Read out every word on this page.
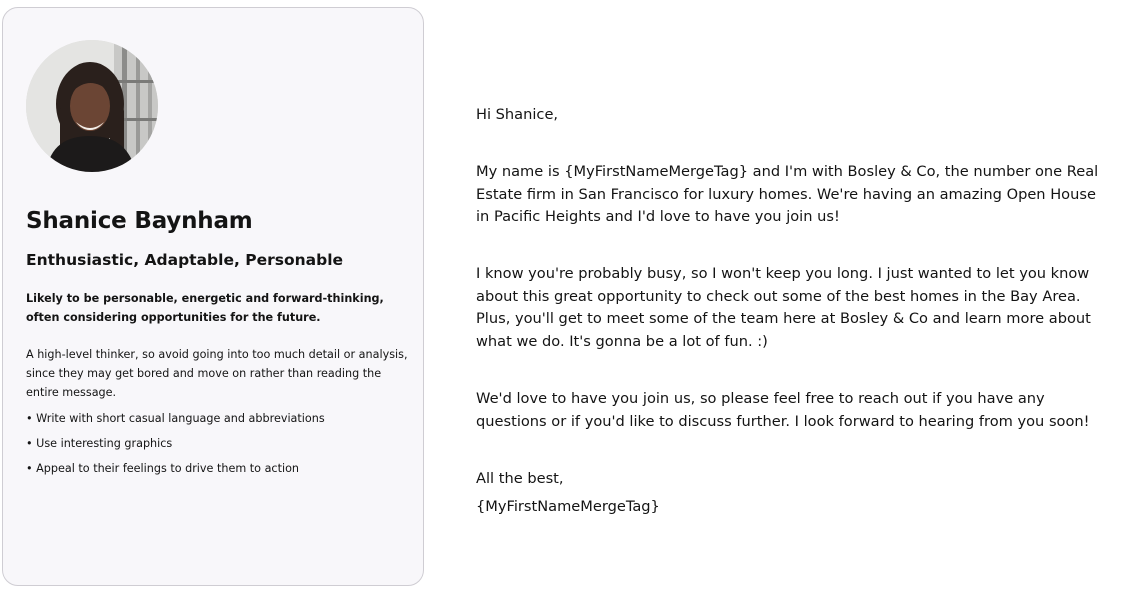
Shanice Baynham
Enthusiastic, Adaptable, Personable

Likely to be personable, energetic and forward-thinking, often considering opportunities for the future.

A high-level thinker, so avoid going into too much detail or analysis, since they may get bored and move on rather than reading the entire message.

• Write with short casual language and abbreviations
• Use interesting graphics
• Appeal to their feelings to drive them to action

Hi Shanice,

My name is {MyFirstNameMergeTag} and I'm with Bosley & Co, the number one Real Estate firm in San Francisco for luxury homes. We're having an amazing Open House in Pacific Heights and I'd love to have you join us!

I know you're probably busy, so I won't keep you long. I just wanted to let you know about this great opportunity to check out some of the best homes in the Bay Area. Plus, you'll get to meet some of the team here at Bosley & Co and learn more about what we do. It's gonna be a lot of fun. :)

We'd love to have you join us, so please feel free to reach out if you have any questions or if you'd like to discuss further. I look forward to hearing from you soon!

All the best,

{MyFirstNameMergeTag}
